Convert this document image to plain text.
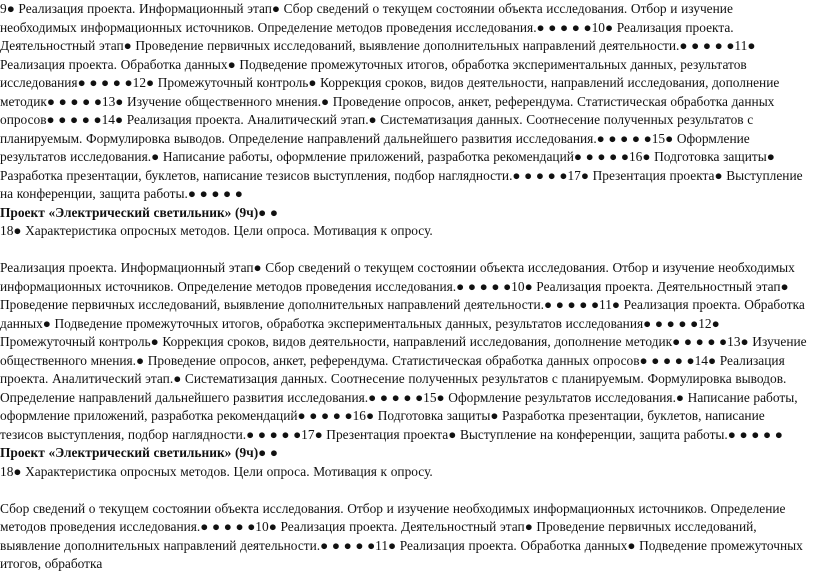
9● Реализация проекта. Информационный этап● Сбор сведений о текущем состоянии объекта исследования. Отбор и изучение необходимых информационных источников. Определение методов проведения исследования.● ● ● ● ●10● Реализация проекта. Деятельностный этап● Проведение первичных исследований, выявление дополнительных направлений деятельности.● ● ● ● ●11● Реализация проекта. Обработка данных● Подведение промежуточных итогов, обработка экспериментальных данных, результатов исследования● ● ● ● ●12● Промежуточный контроль● Коррекция сроков, видов деятельности, направлений исследования, дополнение методик● ● ● ● ●13● Изучение общественного мнения.● Проведение опросов, анкет, референдума. Статистическая обработка данных опросов● ● ● ● ●14● Реализация проекта. Аналитический этап.● Систематизация данных. Соотнесение полученных результатов с планируемым. Формулировка выводов. Определение направлений дальнейшего развития исследования.● ● ● ● ●15● Оформление результатов исследования.● Написание работы, оформление приложений, разработка рекомендаций● ● ● ● ●16● Подготовка защиты● Разработка презентации, буклетов, написание тезисов выступления, подбор наглядности.● ● ● ● ●17● Презентация проекта● Выступление на конференции, защита работы.● ● ● ● ●

Проект «Электрический светильник» (9ч)● ●

18● Характеристика опросных методов. Цели опроса. Мотивация к опросу.

Реализация проекта. Информационный этап● Сбор сведений о текущем состоянии объекта исследования. Отбор и изучение необходимых информационных источников. Определение методов проведения исследования.● ● ● ● ●10● Реализация проекта. Деятельностный этап● Проведение первичных исследований, выявление дополнительных направлений деятельности.● ● ● ● ●11● Реализация проекта. Обработка данных● Подведение промежуточных итогов, обработка экспериментальных данных, результатов исследования● ● ● ● ●12● Промежуточный контроль● Коррекция сроков, видов деятельности, направлений исследования, дополнение методик● ● ● ● ●13● Изучение общественного мнения.● Проведение опросов, анкет, референдума. Статистическая обработка данных опросов● ● ● ● ●14● Реализация проекта. Аналитический этап.● Систематизация данных. Соотнесение полученных результатов с планируемым. Формулировка выводов. Определение направлений дальнейшего развития исследования.● ● ● ● ●15● Оформление результатов исследования.● Написание работы, оформление приложений, разработка рекомендаций● ● ● ● ●16● Подготовка защиты● Разработка презентации, буклетов, написание тезисов выступления, подбор наглядности.● ● ● ● ●17● Презентация проекта● Выступление на конференции, защита работы.● ● ● ● ●

Проект «Электрический светильник» (9ч)● ●

18● Характеристика опросных методов. Цели опроса. Мотивация к опросу.

Сбор сведений о текущем состоянии объекта исследования. Отбор и изучение необходимых информационных источников. Определение методов проведения исследования.● ● ● ● ●10● Реализация проекта. Деятельностный этап● Проведение первичных исследований, выявление дополнительных направлений деятельности.● ● ● ● ●11● Реализация проекта. Обработка данных● Подведение промежуточных итогов, обработка
